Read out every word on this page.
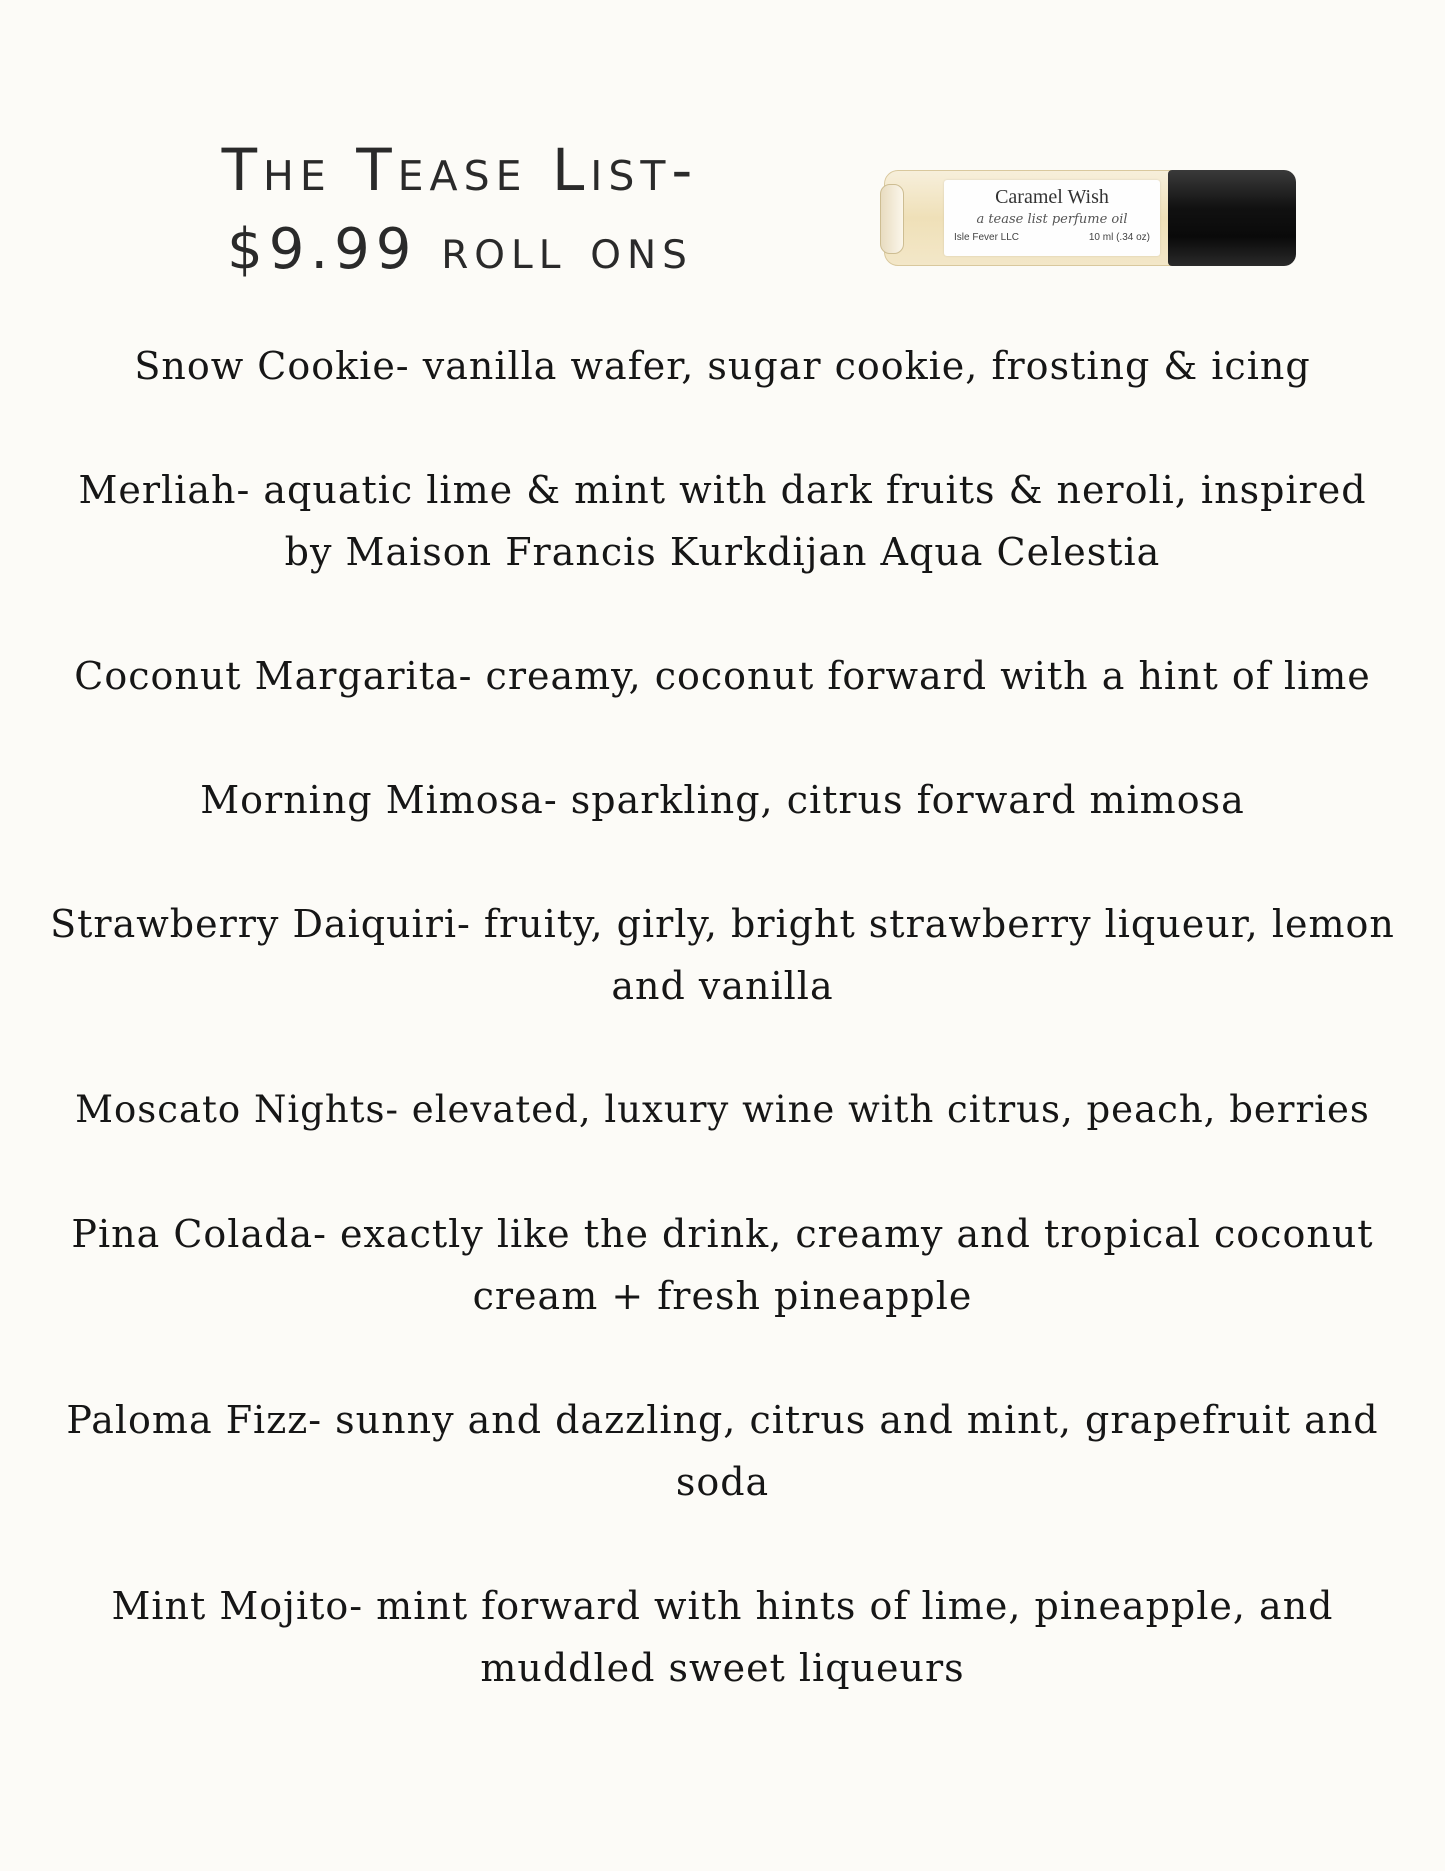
The Tease List-
$9.99 roll ons
Caramel Wish
a tease list perfume oil
Isle Fever LLC	10 ml (.34 oz)
Snow Cookie- vanilla wafer, sugar cookie, frosting & icing
Merliah- aquatic lime & mint with dark fruits & neroli, inspired by Maison Francis Kurkdijan Aqua Celestia
Coconut Margarita- creamy, coconut forward with a hint of lime
Morning Mimosa- sparkling, citrus forward mimosa
Strawberry Daiquiri- fruity, girly, bright strawberry liqueur, lemon and vanilla
Moscato Nights- elevated, luxury wine with citrus, peach, berries
Pina Colada- exactly like the drink, creamy and tropical coconut cream + fresh pineapple
Paloma Fizz- sunny and dazzling, citrus and mint, grapefruit and soda
Mint Mojito- mint forward with hints of lime, pineapple, and muddled sweet liqueurs
